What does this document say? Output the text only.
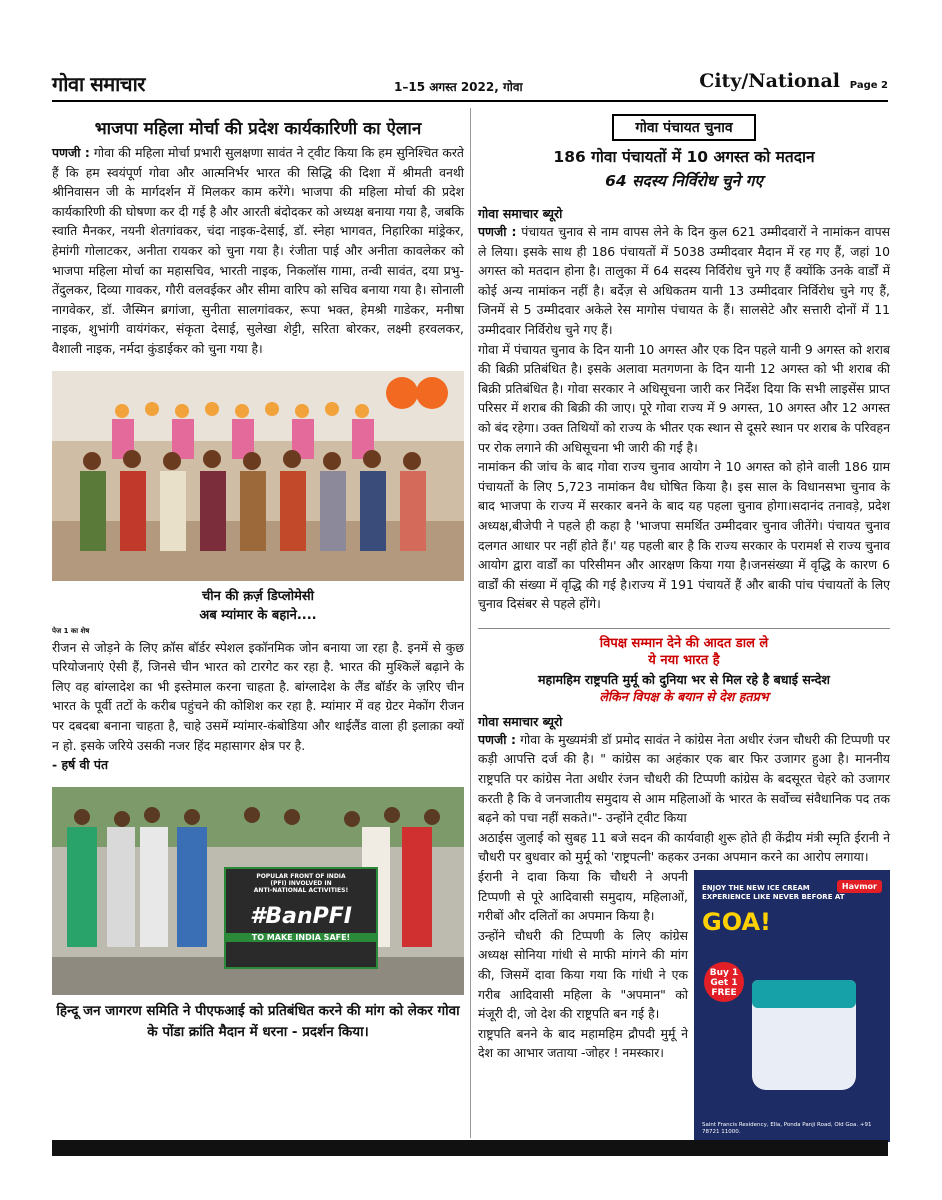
गोवा समाचार	1–15 अगस्त 2022, गोवा	City/National Page 2
भाजपा महिला मोर्चा की प्रदेश कार्यकारिणी का ऐलान

पणजी : गोवा की महिला मोर्चा प्रभारी सुलक्षणा सावंत ने ट्वीट किया कि हम सुनिश्चित करते हैं कि हम स्वयंपूर्ण गोवा और आत्मनिर्भर भारत की सिद्धि की दिशा में श्रीमती वनथी श्रीनिवासन जी के मार्गदर्शन में मिलकर काम करेंगे। भाजपा की महिला मोर्चा की प्रदेश कार्यकारिणी की घोषणा कर दी गई है और आरती बंदोदकर को अध्यक्ष बनाया गया है, जबकि स्वाति मैनकर, नयनी शेतगांवकर, चंदा नाइक-देसाई, डॉ. स्नेहा भागवत, निहारिका मांड्रेकर, हेमांगी गोलाटकर, अनीता रायकर को चुना गया है। रंजीता पाई और अनीता कावलेकर को भाजपा महिला मोर्चा का महासचिव, भारती नाइक, निकलॉस गामा, तन्वी सावंत, दया प्रभु-तेंदुलकर, दिव्या गावकर, गौरी वलवईकर और सीमा वारिप को सचिव बनाया गया है। सोनाली नागवेकर, डॉ. जैस्मिन ब्रगांजा, सुनीता सालगांवकर, रूपा भक्त, हेमश्री गाडेकर, मनीषा नाइक, शुभांगी वायंगंकर, संकृता देसाई, सुलेखा शेट्टी, सरिता बोरकर, लक्ष्मी हरवलकर, वैशाली नाइक, नर्मदा कुंडाईकर को चुना गया है।

चीन की क़र्ज़ डिप्लोमेसी
अब म्यांमार के बहाने....
पेज 1 का शेष

रीजन से जोड़ने के लिए क्रॉस बॉर्डर स्पेशल इकॉनमिक जोन बनाया जा रहा है. इनमें से कुछ परियोजनाएं ऐसी हैं, जिनसे चीन भारत को टारगेट कर रहा है. भारत की मुश्किलें बढ़ाने के लिए वह बांग्लादेश का भी इस्तेमाल करना चाहता है. बांग्लादेश के लैंड बॉर्डर के ज़रिए चीन भारत के पूर्वी तटों के करीब पहुंचने की कोशिश कर रहा है. म्यांमार में वह ग्रेटर मेकोंग रीजन पर दबदबा बनाना चाहता है, चाहे उसमें म्यांमार-कंबोडिया और थाईलैंड वाला ही इलाक़ा क्यों न हो. इसके जरिये उसकी नजर हिंद महासागर क्षेत्र पर है.

- हर्ष वी पंत
POPULAR FRONT OF INDIA
(PFI) INVOLVED IN
ANTI-NATIONAL ACTIVITIES!
#BanPFI
TO MAKE INDIA SAFE!
हिन्दू जन जागरण समिति ने पीएफआई को प्रतिबंधित करने की मांग को लेकर गोवा के पोंडा क्रांति मैदान में धरना - प्रदर्शन किया।
गोवा पंचायत चुनाव
186 गोवा पंचायतों में 10 अगस्त को मतदान
64 सदस्य निर्विरोध चुने गए
गोवा समाचार ब्यूरो

पणजी : पंचायत चुनाव से नाम वापस लेने के दिन कुल 621 उम्मीदवारों ने नामांकन वापस ले लिया। इसके साथ ही 186 पंचायतों में 5038 उम्मीदवार मैदान में रह गए हैं, जहां 10 अगस्त को मतदान होना है। तालुका में 64 सदस्य निर्विरोध चुने गए हैं क्योंकि उनके वार्डों में कोई अन्य नामांकन नहीं है। बर्देज़ से अधिकतम यानी 13 उम्मीदवार निर्विरोध चुने गए हैं, जिनमें से 5 उम्मीदवार अकेले रेस मागोस पंचायत के हैं। सालसेटे और सत्तारी दोनों में 11 उम्मीदवार निर्विरोध चुने गए हैं।

गोवा में पंचायत चुनाव के दिन यानी 10 अगस्त और एक दिन पहले यानी 9 अगस्त को शराब की बिक्री प्रतिबंधित है। इसके अलावा मतगणना के दिन यानी 12 अगस्त को भी शराब की बिक्री प्रतिबंधित है। गोवा सरकार ने अधिसूचना जारी कर निर्देश दिया कि सभी लाइसेंस प्राप्त परिसर में शराब की बिक्री की जाए। पूरे गोवा राज्य में 9 अगस्त, 10 अगस्त और 12 अगस्त को बंद रहेगा। उक्त तिथियों को राज्य के भीतर एक स्थान से दूसरे स्थान पर शराब के परिवहन पर रोक लगाने की अधिसूचना भी जारी की गई है।

नामांकन की जांच के बाद गोवा राज्य चुनाव आयोग ने 10 अगस्त को होने वाली 186 ग्राम पंचायतों के लिए 5,723 नामांकन वैध घोषित किया है। इस साल के विधानसभा चुनाव के बाद भाजपा के राज्य में सरकार बनने के बाद यह पहला चुनाव होगा।सदानंद तनावड़े, प्रदेश अध्यक्ष,बीजेपी ने पहले ही कहा है 'भाजपा समर्थित उम्मीदवार चुनाव जीतेंगे। पंचायत चुनाव दलगत आधार पर नहीं होते हैं।' यह पहली बार है कि राज्य सरकार के परामर्श से राज्य चुनाव आयोग द्वारा वार्डों का परिसीमन और आरक्षण किया गया है।जनसंख्या में वृद्धि के कारण 6 वार्डों की संख्या में वृद्धि की गई है।राज्य में 191 पंचायतें हैं और बाकी पांच पंचायतों के लिए चुनाव दिसंबर से पहले होंगे।

विपक्ष सम्मान देने की आदत डाल ले
ये नया भारत है
महामहिम राष्ट्रपति मुर्मू को दुनिया भर से मिल रहे है बधाई सन्देश
लेकिन विपक्ष के बयान से देश हतप्रभ
गोवा समाचार ब्यूरो

पणजी : गोवा के मुख्यमंत्री डॉ प्रमोद सावंत ने कांग्रेस नेता अधीर रंजन चौधरी की टिप्पणी पर कड़ी आपत्ति दर्ज की है। " कांग्रेस का अहंकार एक बार फिर उजागर हुआ है। माननीय राष्ट्रपति पर कांग्रेस नेता अधीर रंजन चौधरी की टिप्पणी कांग्रेस के बदसूरत चेहरे को उजागर करती है कि वे जनजातीय समुदाय से आम महिलाओं के भारत के सर्वोच्च संवैधानिक पद तक बढ़ने को पचा नहीं सकते।"- उन्होंने ट्वीट किया

अठाईस जुलाई को सुबह 11 बजे सदन की कार्यवाही शुरू होते ही केंद्रीय मंत्री स्मृति ईरानी ने चौधरी पर बुधवार को मुर्मू को 'राष्ट्रपत्नी' कहकर उनका अपमान करने का आरोप लगाया।

ईरानी ने दावा किया कि चौधरी ने अपनी टिप्पणी से पूरे आदिवासी समुदाय, महिलाओं, गरीबों और दलितों का अपमान किया है।

उन्होंने चौधरी की टिप्पणी के लिए कांग्रेस अध्यक्ष सोनिया गांधी से माफी मांगने की मांग की, जिसमें दावा किया गया कि गांधी ने एक गरीब आदिवासी महिला के "अपमान" को मंजूरी दी, जो देश की राष्ट्रपति बन गई है।

राष्ट्रपति बनने के बाद महामहिम द्रौपदी मुर्मू ने देश का आभार जताया -जोहर ! नमस्कार।

Havmor
ENJOY THE NEW ICE CREAM EXPERIENCE LIKE NEVER BEFORE AT
GOA!
Buy 1 Get 1 FREE
Saint Francis Residency, Ella, Ponda Panji Road, Old Goa. +91 78721 11000.
